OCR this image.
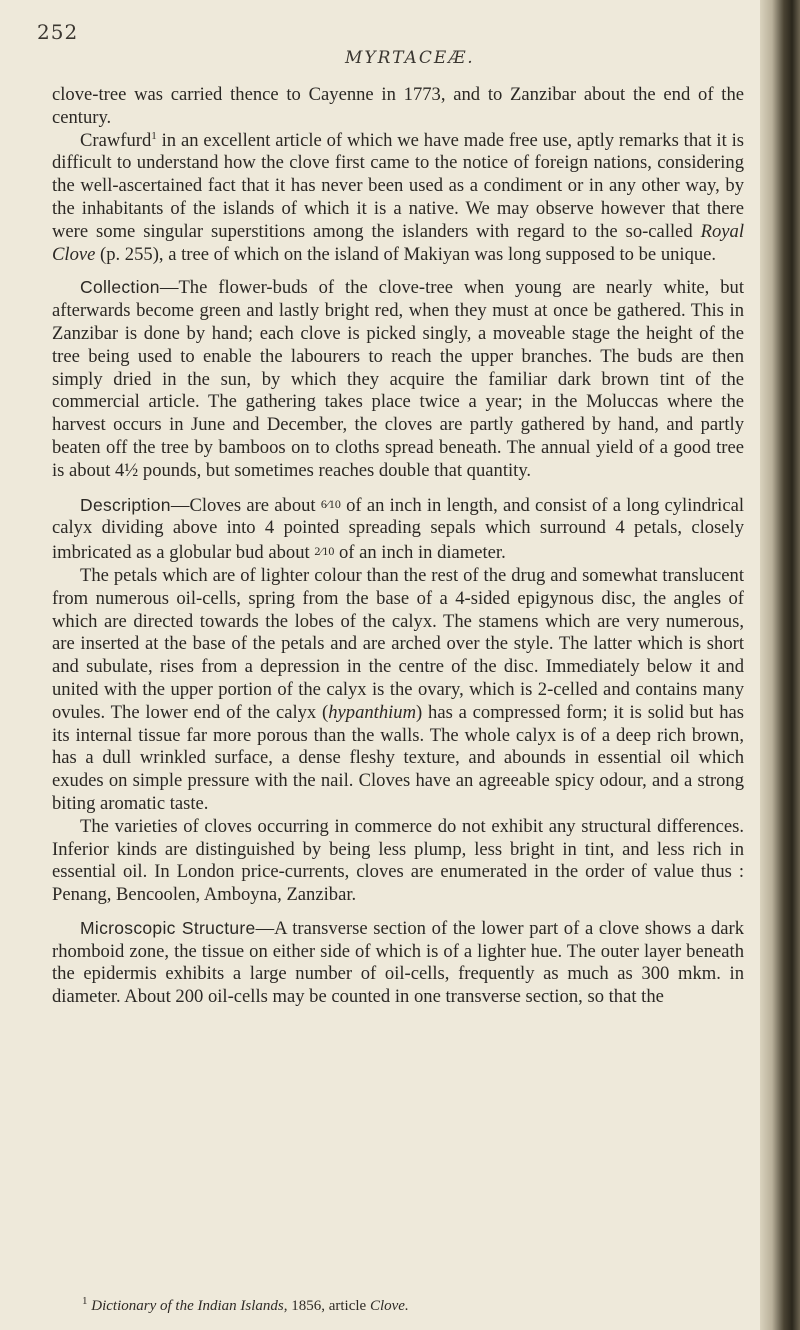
252
MYRTACEÆ.

clove-tree was carried thence to Cayenne in 1773, and to Zanzibar about the end of the century.

Crawfurd$^1$ in an excellent article of which we have made free use, aptly remarks that it is difficult to understand how the clove first came to the notice of foreign nations, considering the well-ascertained fact that it has never been used as a condiment or in any other way, by the inhabitants of the islands of which it is a native. We may observe however that there were some singular superstitions among the islanders with regard to the so-called Royal Clove (p. 255), a tree of which on the island of Makiyan was long supposed to be unique.

Collection—The flower-buds of the clove-tree when young are nearly white, but afterwards become green and lastly bright red, when they must at once be gathered. This in Zanzibar is done by hand; each clove is picked singly, a moveable stage the height of the tree being used to enable the labourers to reach the upper branches. The buds are then simply dried in the sun, by which they acquire the familiar dark brown tint of the commercial article. The gathering takes place twice a year; in the Moluccas where the harvest occurs in June and December, the cloves are partly gathered by hand, and partly beaten off the tree by bamboos on to cloths spread beneath. The annual yield of a good tree is about 4½ pounds, but sometimes reaches double that quantity.

Description—Cloves are about 6⁄10 of an inch in length, and consist of a long cylindrical calyx dividing above into 4 pointed spreading sepals which surround 4 petals, closely imbricated as a globular bud about 2⁄10 of an inch in diameter.

The petals which are of lighter colour than the rest of the drug and somewhat translucent from numerous oil-cells, spring from the base of a 4-sided epigynous disc, the angles of which are directed towards the lobes of the calyx. The stamens which are very numerous, are inserted at the base of the petals and are arched over the style. The latter which is short and subulate, rises from a depression in the centre of the disc. Immediately below it and united with the upper portion of the calyx is the ovary, which is 2-celled and contains many ovules. The lower end of the calyx (hypanthium) has a compressed form; it is solid but has its internal tissue far more porous than the walls. The whole calyx is of a deep rich brown, has a dull wrinkled surface, a dense fleshy texture, and abounds in essential oil which exudes on simple pressure with the nail. Cloves have an agreeable spicy odour, and a strong biting aromatic taste.

The varieties of cloves occurring in commerce do not exhibit any structural differences. Inferior kinds are distinguished by being less plump, less bright in tint, and less rich in essential oil. In London price-currents, cloves are enumerated in the order of value thus : Penang, Bencoolen, Amboyna, Zanzibar.

Microscopic Structure—A transverse section of the lower part of a clove shows a dark rhomboid zone, the tissue on either side of which is of a lighter hue. The outer layer beneath the epidermis exhibits a large number of oil-cells, frequently as much as 300 mkm. in diameter. About 200 oil-cells may be counted in one transverse section, so that the

$^1$ Dictionary of the Indian Islands, 1856, article Clove.
